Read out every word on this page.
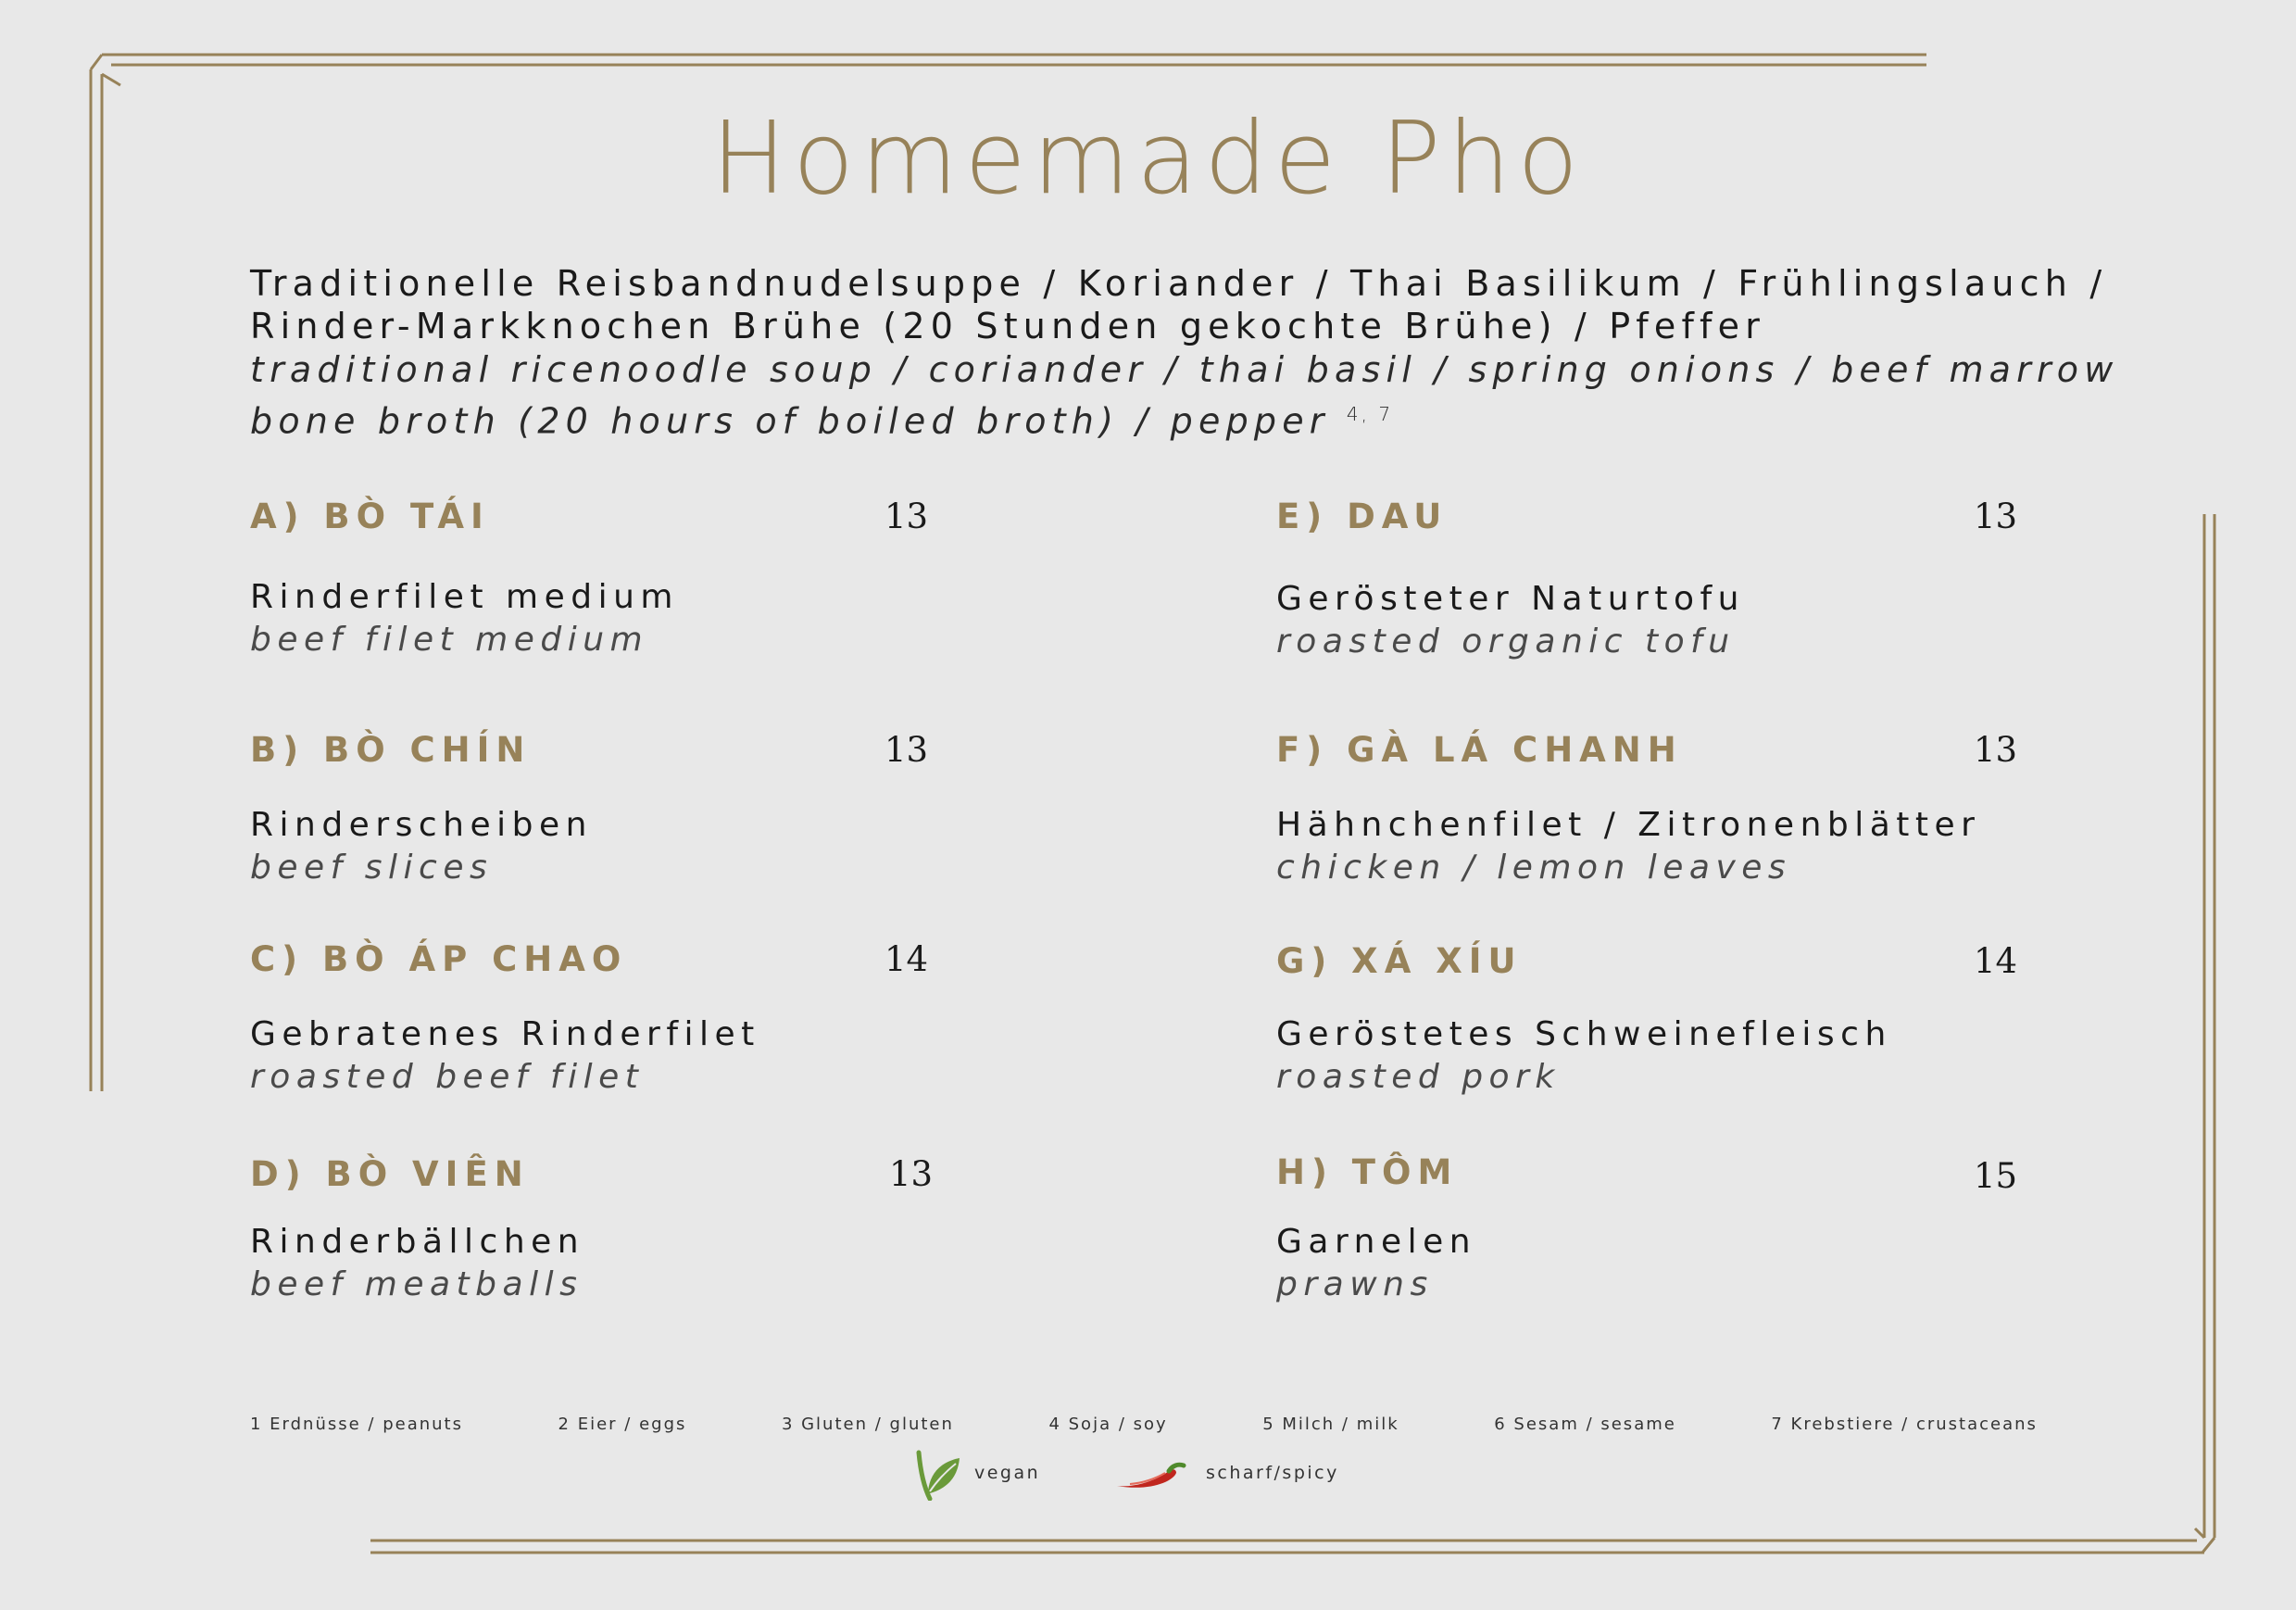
Homemade Pho
Traditionelle Reisbandnudelsuppe / Koriander / Thai Basilikum / Frühlingslauch /
Rinder-Markknochen Brühe (20 Stunden gekochte Brühe) / Pfeffer
traditional ricenoodle soup / coriander / thai basil / spring onions / beef marrow
bone broth (20 hours of boiled broth) / pepper $^{4, 7}$
A) BÒ TÁI	13
Rinderfilet medium
beef filet medium
B) BÒ CHÍN	13
Rinderscheiben
beef slices
C) BÒ ÁP CHAO	14
Gebratenes Rinderfilet
roasted beef filet
D) BÒ VIÊN	13
Rinderbällchen
beef meatballs
E) DAU	13
Gerösteter Naturtofu
roasted organic tofu
F) GÀ LÁ CHANH	13
Hähnchenfilet / Zitronenblätter
chicken / lemon leaves
G) XÁ XÍU	14
Geröstetes Schweinefleisch
roasted pork
H) TÔM	15
Garnelen
prawns
1 Erdnüsse / peanuts	2 Eier / eggs	3 Gluten / gluten	4 Soja / soy	5 Milch / milk	6 Sesam / sesame	7 Krebstiere / crustaceans
vegan	scharf/spicy
